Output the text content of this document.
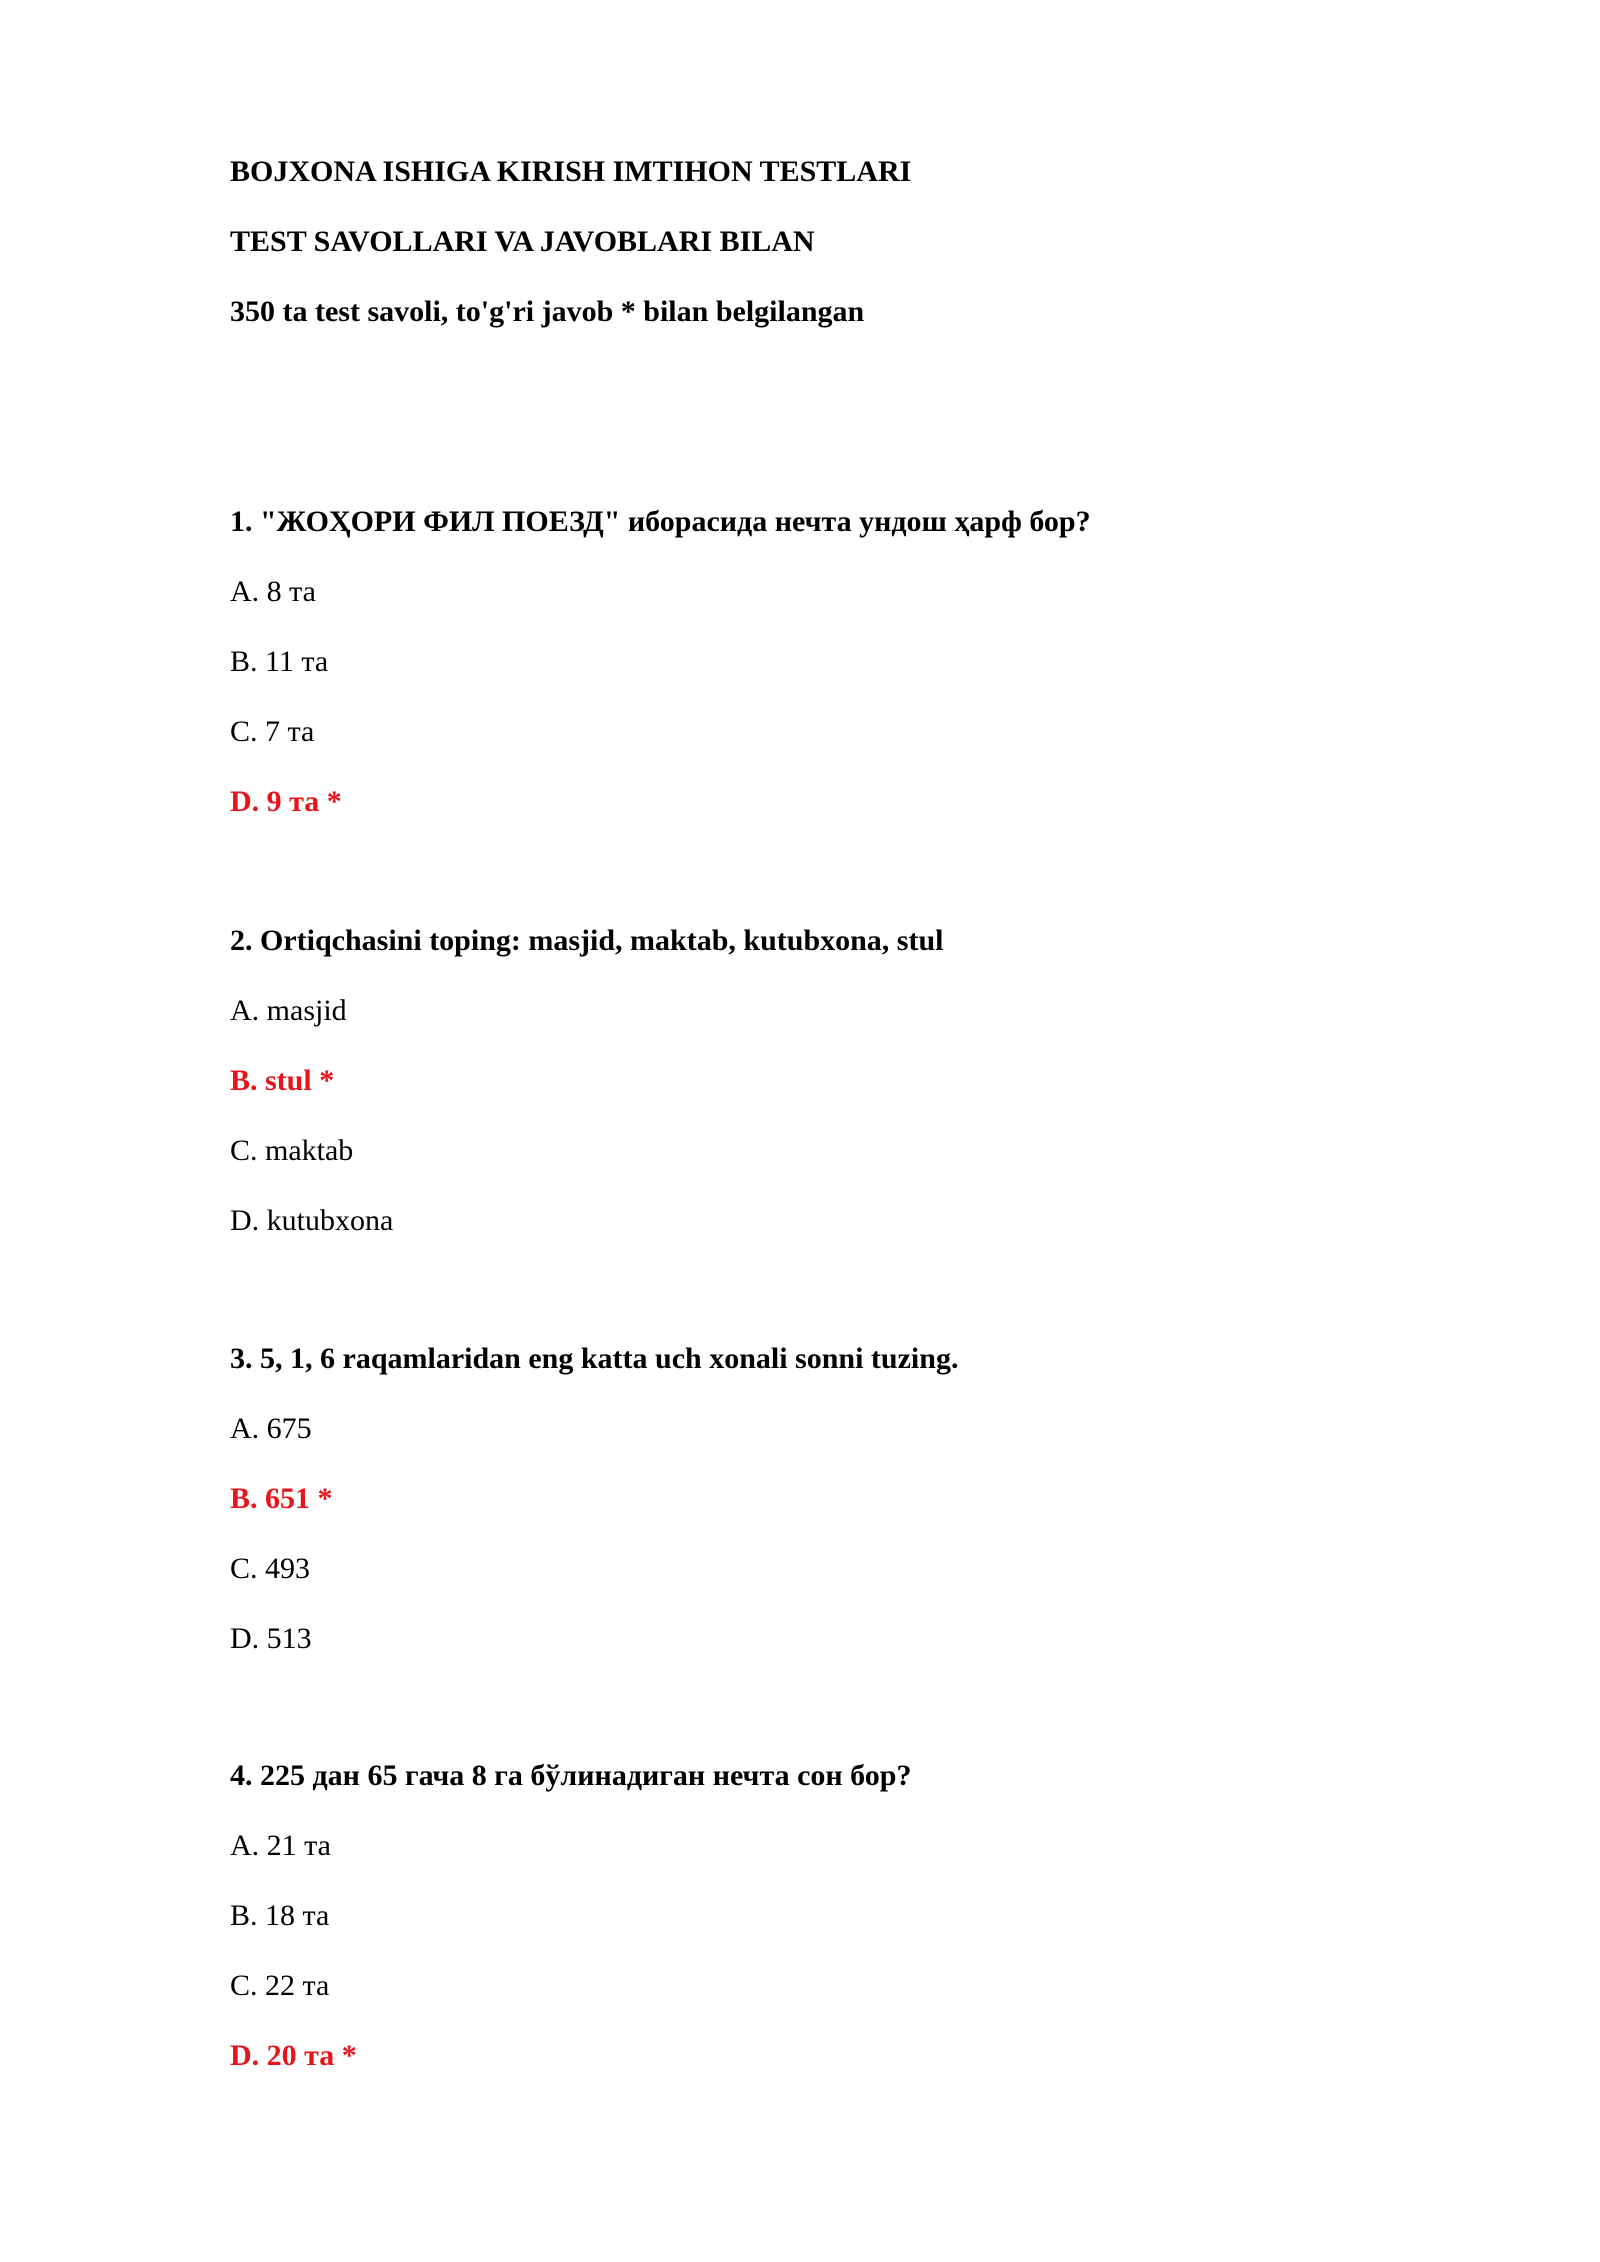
BOJXONA ISHIGA KIRISH IMTIHON TESTLARI
TEST SAVOLLARI VA JAVOBLARI BILAN
350 ta test savoli, to'g'ri javob * bilan belgilangan

1. "ЖОҲОРИ ФИЛ ПОЕЗД" иборасида нечта ундош ҳарф бор?

A. 8 та
B. 11 та
C. 7 та
D. 9 та *

2. Ortiqchasini toping: masjid, maktab, kutubxona, stul

A. masjid
B. stul *
C. maktab
D. kutubxona

3. 5, 1, 6 raqamlaridan eng katta uch xonali sonni tuzing.

A. 675
B. 651 *
C. 493
D. 513

4. 225 дан 65 гача 8 га бўлинадиган нечта сон бор?

A. 21 та
B. 18 та
C. 22 та
D. 20 та *
